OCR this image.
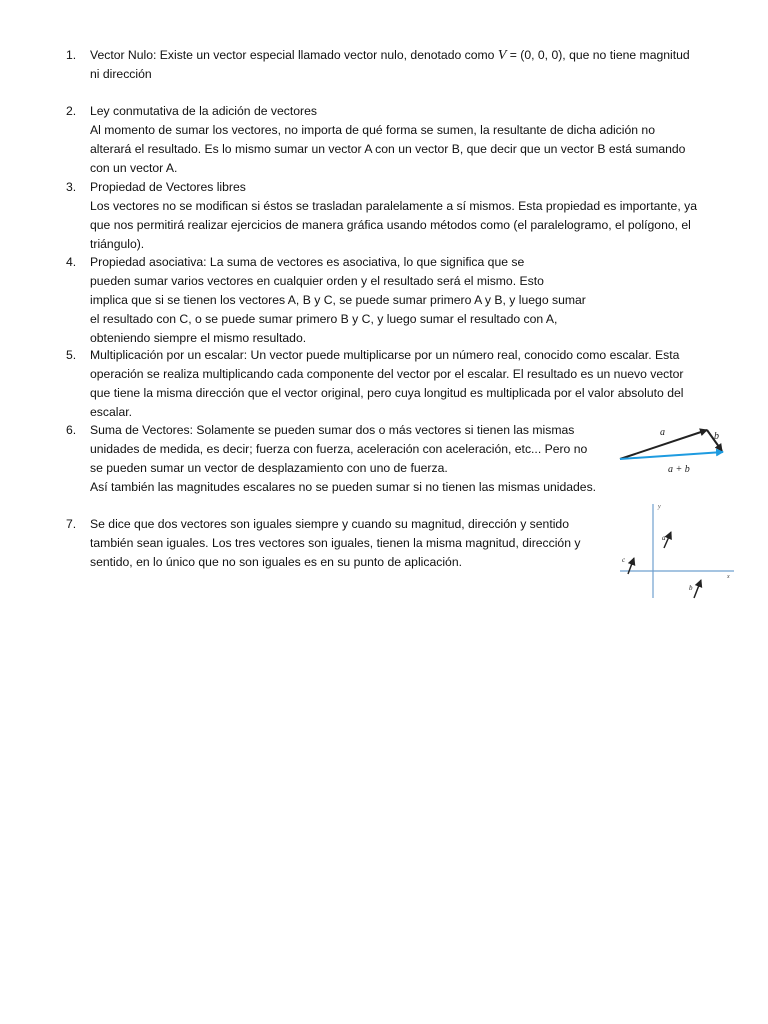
1. Vector Nulo: Existe un vector especial llamado vector nulo, denotado como V = (0, 0, 0), que no tiene magnitud
ni dirección
2. Ley conmutativa de la adición de vectores
Al momento de sumar los vectores, no importa de qué forma se sumen, la resultante de dicha adición no
alterará el resultado. Es lo mismo sumar un vector A con un vector B, que decir que un vector B está sumando
con un vector A.
3. Propiedad de Vectores libres
Los vectores no se modifican si éstos se trasladan paralelamente a sí mismos. Esta propiedad es importante, ya
que nos permitirá realizar ejercicios de manera gráfica usando métodos como (el paralelogramo, el polígono, el
triángulo).
4. Propiedad asociativa: La suma de vectores es asociativa, lo que significa que se
pueden sumar varios vectores en cualquier orden y el resultado será el mismo. Esto
implica que si se tienen los vectores A, B y C, se puede sumar primero A y B, y luego sumar
el resultado con C, o se puede sumar primero B y C, y luego sumar el resultado con A,
obteniendo siempre el mismo resultado.
5. Multiplicación por un escalar: Un vector puede multiplicarse por un número real, conocido como escalar. Esta
operación se realiza multiplicando cada componente del vector por el escalar. El resultado es un nuevo vector
que tiene la misma dirección que el vector original, pero cuya longitud es multiplicada por el valor absoluto del
escalar.
6. Suma de Vectores: Solamente se pueden sumar dos o más vectores si tienen las mismas
unidades de medida, es decir; fuerza con fuerza, aceleración con aceleración, etc... Pero no
se pueden sumar un vector de desplazamiento con uno de fuerza.
Así también las magnitudes escalares no se pueden sumar si no tienen las mismas unidades.
7. Se dice que dos vectores son iguales siempre y cuando su magnitud, dirección y sentido
también sean iguales. Los tres vectores son iguales, tienen la misma magnitud, dirección y
sentido, en lo único que no son iguales es en su punto de aplicación.
a	b
a + b
x
y
a
b
c
